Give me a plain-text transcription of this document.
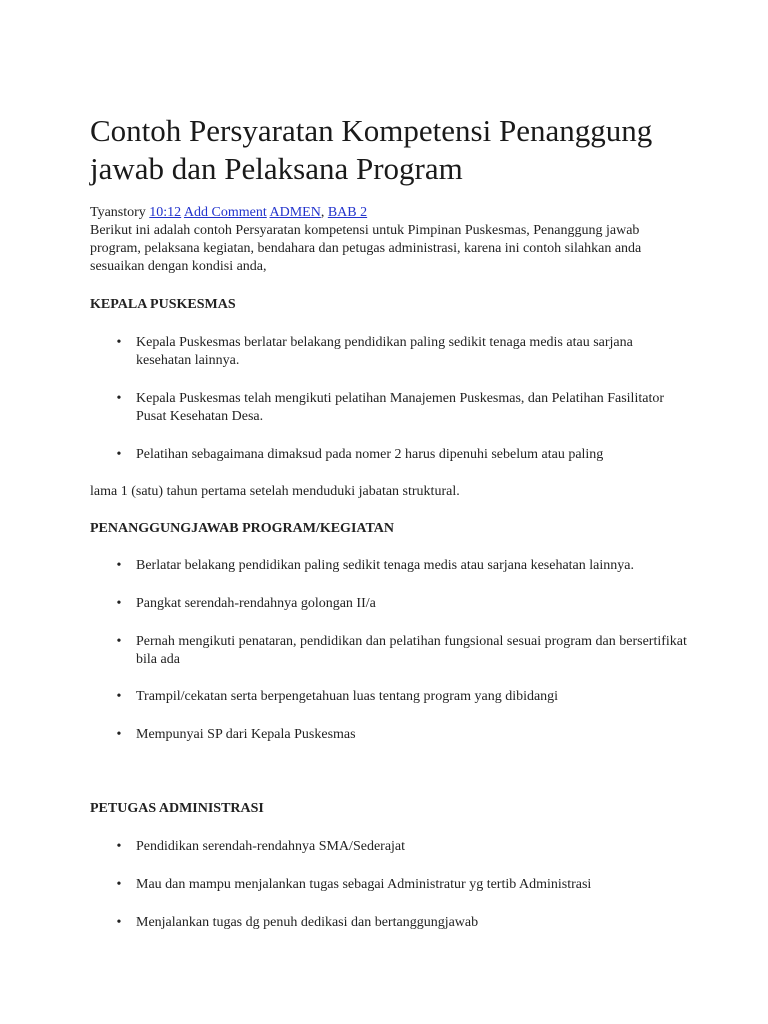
Contoh Persyaratan Kompetensi Penanggung jawab dan Pelaksana Program
Tyanstory 10:12 Add Comment ADMEN, BAB 2
Berikut ini adalah contoh Persyaratan kompetensi untuk Pimpinan Puskesmas, Penanggung jawab program, pelaksana kegiatan, bendahara dan petugas administrasi, karena ini contoh silahkan anda sesuaikan dengan kondisi anda,

KEPALA PUSKESMAS

• Kepala Puskesmas berlatar belakang pendidikan paling sedikit tenaga medis atau sarjana kesehatan lainnya.
• Kepala Puskesmas telah mengikuti pelatihan Manajemen Puskesmas, dan Pelatihan Fasilitator Pusat Kesehatan Desa.
• Pelatihan sebagaimana dimaksud pada nomer 2 harus dipenuhi sebelum atau paling
lama 1 (satu) tahun pertama setelah menduduki jabatan struktural.

PENANGGUNGJAWAB PROGRAM/KEGIATAN

• Berlatar belakang pendidikan paling sedikit tenaga medis atau sarjana kesehatan lainnya.
• Pangkat serendah-rendahnya golongan II/a
• Pernah mengikuti penataran, pendidikan dan pelatihan fungsional sesuai program dan bersertifikat bila ada
• Trampil/cekatan serta berpengetahuan luas tentang program yang dibidangi
• Mempunyai SP dari Kepala Puskesmas

PETUGAS ADMINISTRASI

• Pendidikan serendah-rendahnya SMA/Sederajat
• Mau dan mampu menjalankan tugas sebagai Administratur yg tertib Administrasi
• Menjalankan tugas dg penuh dedikasi dan bertanggungjawab
